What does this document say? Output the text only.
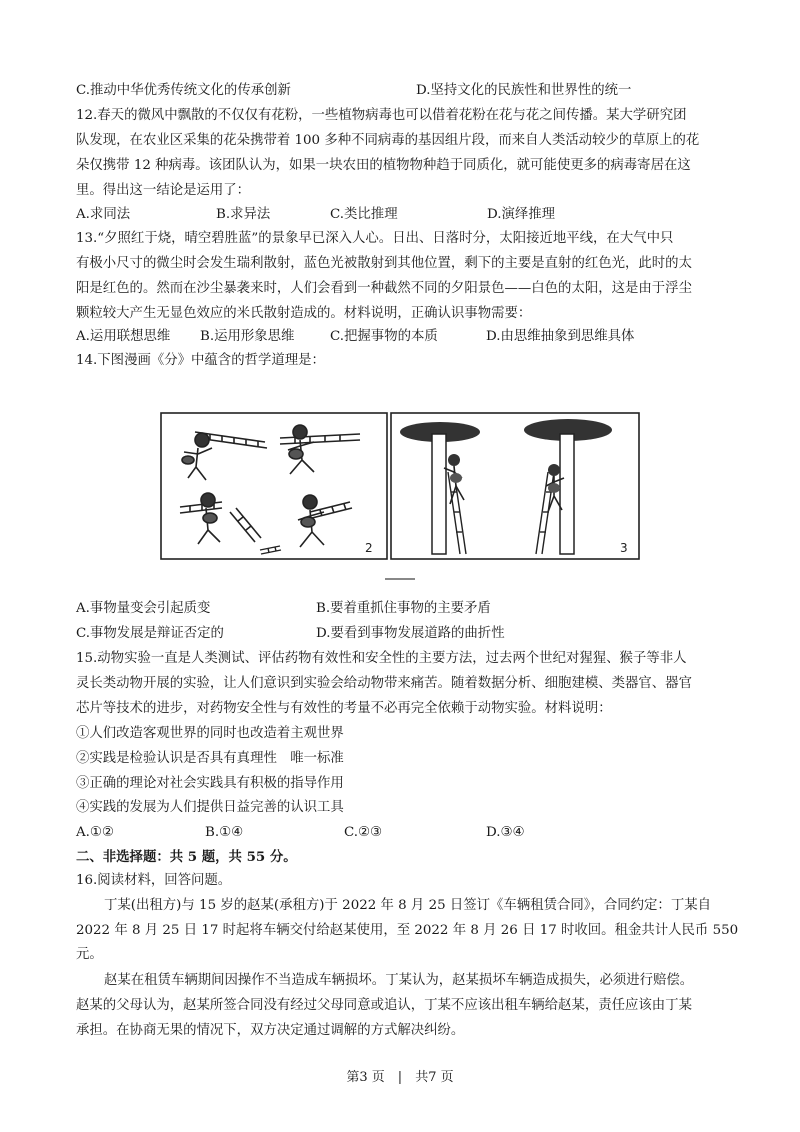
C.推动中华优秀传统文化的传承创新	D.坚持文化的民族性和世界性的统一
12.春天的微风中飘散的不仅仅有花粉，一些植物病毒也可以借着花粉在花与花之间传播。某大学研究团
队发现，在农业区采集的花朵携带着 100 多种不同病毒的基因组片段，而来自人类活动较少的草原上的花
朵仅携带 12 种病毒。该团队认为，如果一块农田的植物物种趋于同质化，就可能使更多的病毒寄居在这
里。得出这一结论是运用了：
A.求同法	B.求异法	C.类比推理	D.演绎推理
13.“夕照红于烧，晴空碧胜蓝”的景象早已深入人心。日出、日落时分，太阳接近地平线，在大气中只
有极小尺寸的微尘时会发生瑞利散射，蓝色光被散射到其他位置，剩下的主要是直射的红色光，此时的太
阳是红色的。然而在沙尘暴袭来时，人们会看到一种截然不同的夕阳景色——白色的太阳，这是由于浮尘
颗粒较大产生无显色效应的米氏散射造成的。材料说明，正确认识事物需要：
A.运用联想思维 B.运用形象思维	C.把握事物的本质	D.由思维抽象到思维具体
14.下图漫画《分》中蕴含的哲学道理是：
2	3
A.事物量变会引起质变	B.要着重抓住事物的主要矛盾
C.事物发展是辩证否定的	D.要看到事物发展道路的曲折性
15.动物实验一直是人类测试、评估药物有效性和安全性的主要方法，过去两个世纪对猩猩、猴子等非人
灵长类动物开展的实验，让人们意识到实验会给动物带来痛苦。随着数据分析、细胞建模、类器官、器官
芯片等技术的进步，对药物安全性与有效性的考量不必再完全依赖于动物实验。材料说明：
①人们改造客观世界的同时也改造着主观世界
②实践是检验认识是否具有真理性　唯一标准
③正确的理论对社会实践具有积极的指导作用
④实践的发展为人们提供日益完善的认识工具
A.①②	B.①④	C.②③	D.③④
二、非选择题：共 5 题，共 55 分。
16.阅读材料，回答问题。
丁某(出租方)与 15 岁的赵某(承租方)于 2022 年 8 月 25 日签订《车辆租赁合同》，合同约定：丁某自
2022 年 8 月 25 日 17 时起将车辆交付给赵某使用，至 2022 年 8 月 26 日 17 时收回。租金共计人民币 550
元。
赵某在租赁车辆期间因操作不当造成车辆损坏。丁某认为，赵某损坏车辆造成损失，必须进行赔偿。
赵某的父母认为，赵某所签合同没有经过父母同意或追认，丁某不应该出租车辆给赵某，责任应该由丁某
承担。在协商无果的情况下，双方决定通过调解的方式解决纠纷。
第3 页　|　共7 页
